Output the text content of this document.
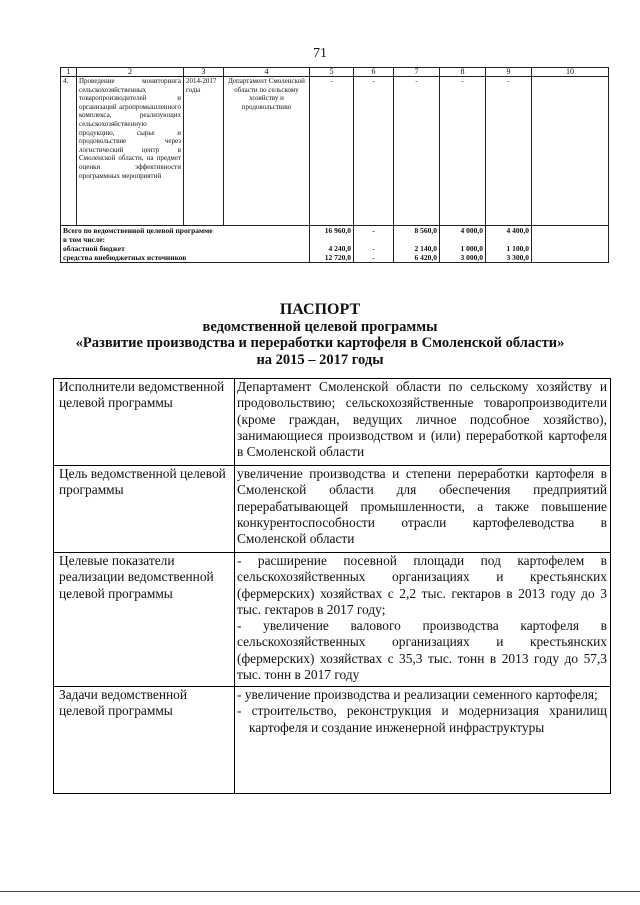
71
1	2	3	4	5	6	7	8	9	10
4.	Проведение мониторинга сельскохозяйственных товаропроизводителей и организаций агропромышленного комплекса, реализующих сельскохозяйственную продукцию, сырье и продовольствие через логистический центр в Смоленской области, на предмет оценки эффективности программных мероприятий	2014-2017 годы	Департамент Смоленской области по сельскому хозяйству и продовольствию	-	-	-	-	-	
Всего по ведомственной целевой программе				16 960,0	-	8 560,0	4 000,0	4 400,0	
в том числе:									
областной бюджет				4 240,0	-	2 140,0	1 000,0	1 100,0	
средства внебюджетных источников				12 720,0	-	6 420,0	3 000,0	3 300,0	
ПАСПОРТ
ведомственной целевой программы
«Развитие производства и переработки картофеля в Смоленской области»
на 2015 – 2017 годы
Исполнители ведомственной целевой программы	Департамент Смоленской области по сельскому хозяйству и продовольствию; сельскохозяйственные товаропроизводители (кроме граждан, ведущих личное подсобное хозяйство), занимающиеся производством и (или) переработкой картофеля в Смоленской области
Цель ведомственной целевой программы	увеличение производства и степени переработки картофеля в Смоленской области для обеспечения предприятий перерабатывающей промышленности, а также повышение конкурентоспособности отрасли картофелеводства в Смоленской области
Целевые показатели реализации ведомственной целевой программы	- расширение посевной площади под картофелем в сельскохозяйственных организациях и крестьянских (фермерских) хозяйствах с 2,2 тыс. гектаров в 2013 году до 3 тыс. гектаров в 2017 году;
- увеличение валового производства картофеля в сельскохозяйственных организациях и крестьянских (фермерских) хозяйствах с 35,3 тыс. тонн в 2013 году до 57,3 тыс. тонн в 2017 году

Задачи ведомственной целевой программы	- увеличение производства и реализации семенного картофеля;
- строительство, реконструкция и модернизация хранилищ картофеля и создание инженерной инфраструктуры
